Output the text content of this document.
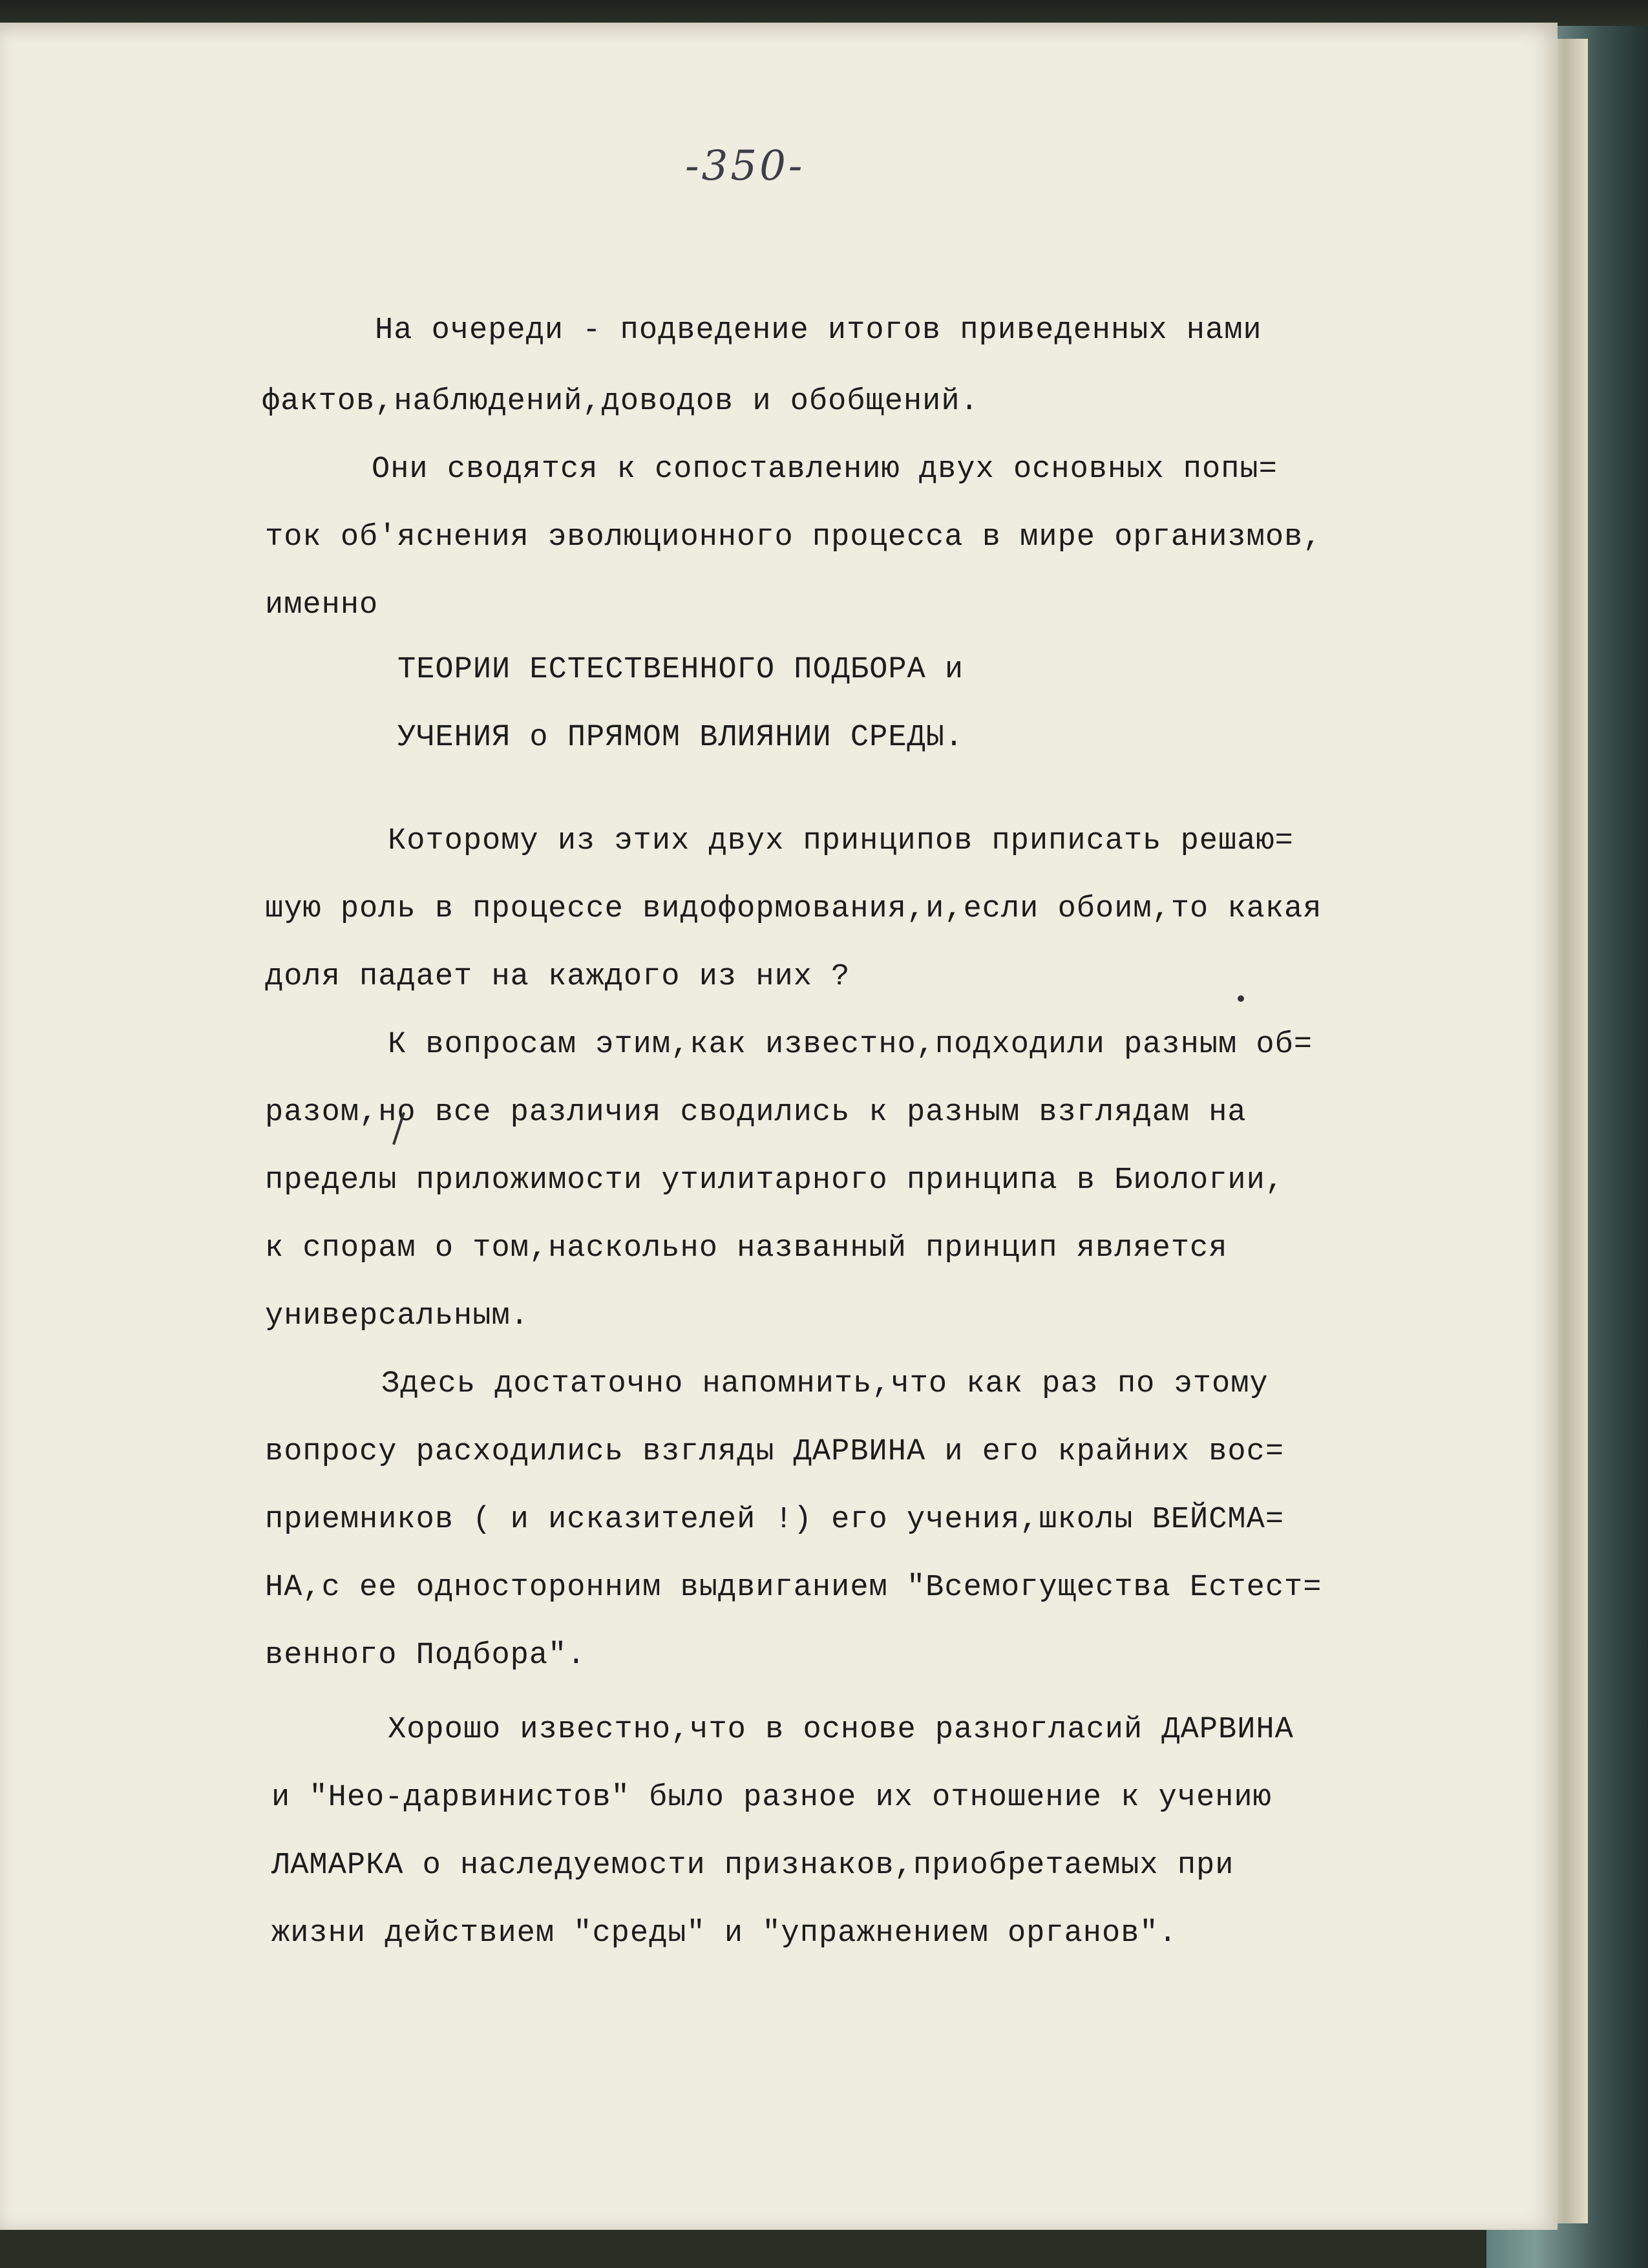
-350-

На очереди - подведение итогов приведенных нами

фактов,наблюдений,доводов и обобщений.

Они сводятся к сопоставлению двух основных попы=

ток об'яснения эволюционного процесса в мире организмов,

именно

ТЕОРИИ ЕСТЕСТВЕННОГО ПОДБОРА и

УЧЕНИЯ о ПРЯМОМ ВЛИЯНИИ СРЕДЫ.

Которому из этих двух принципов приписать решаю=

шую роль в процессе видоформования,и,если обоим,то какая

доля падает на каждого из них ?

К вопросам этим,как известно,подходили разным об=

разом,но все различия сводились к разным взглядам на

пределы приложимости утилитарного принципа в Биологии,

к спорам о том,наскольно названный принцип является

универсальным.

Здесь достаточно напомнить,что как раз по этому

вопросу расходились взгляды ДАРВИНА и его крайних вос=

приемников ( и исказителей !) его учения,школы ВЕЙСМА=

НА,с ее односторонним выдвиганием "Всемогущества Естест=

венного Подбора".

Хорошо известно,что в основе разногласий ДАРВИНА

и "Нео-дарвинистов" было разное их отношение к учению

ЛАМАРКА о наследуемости признаков,приобретаемых при

жизни действием "среды" и "упражнением органов".
